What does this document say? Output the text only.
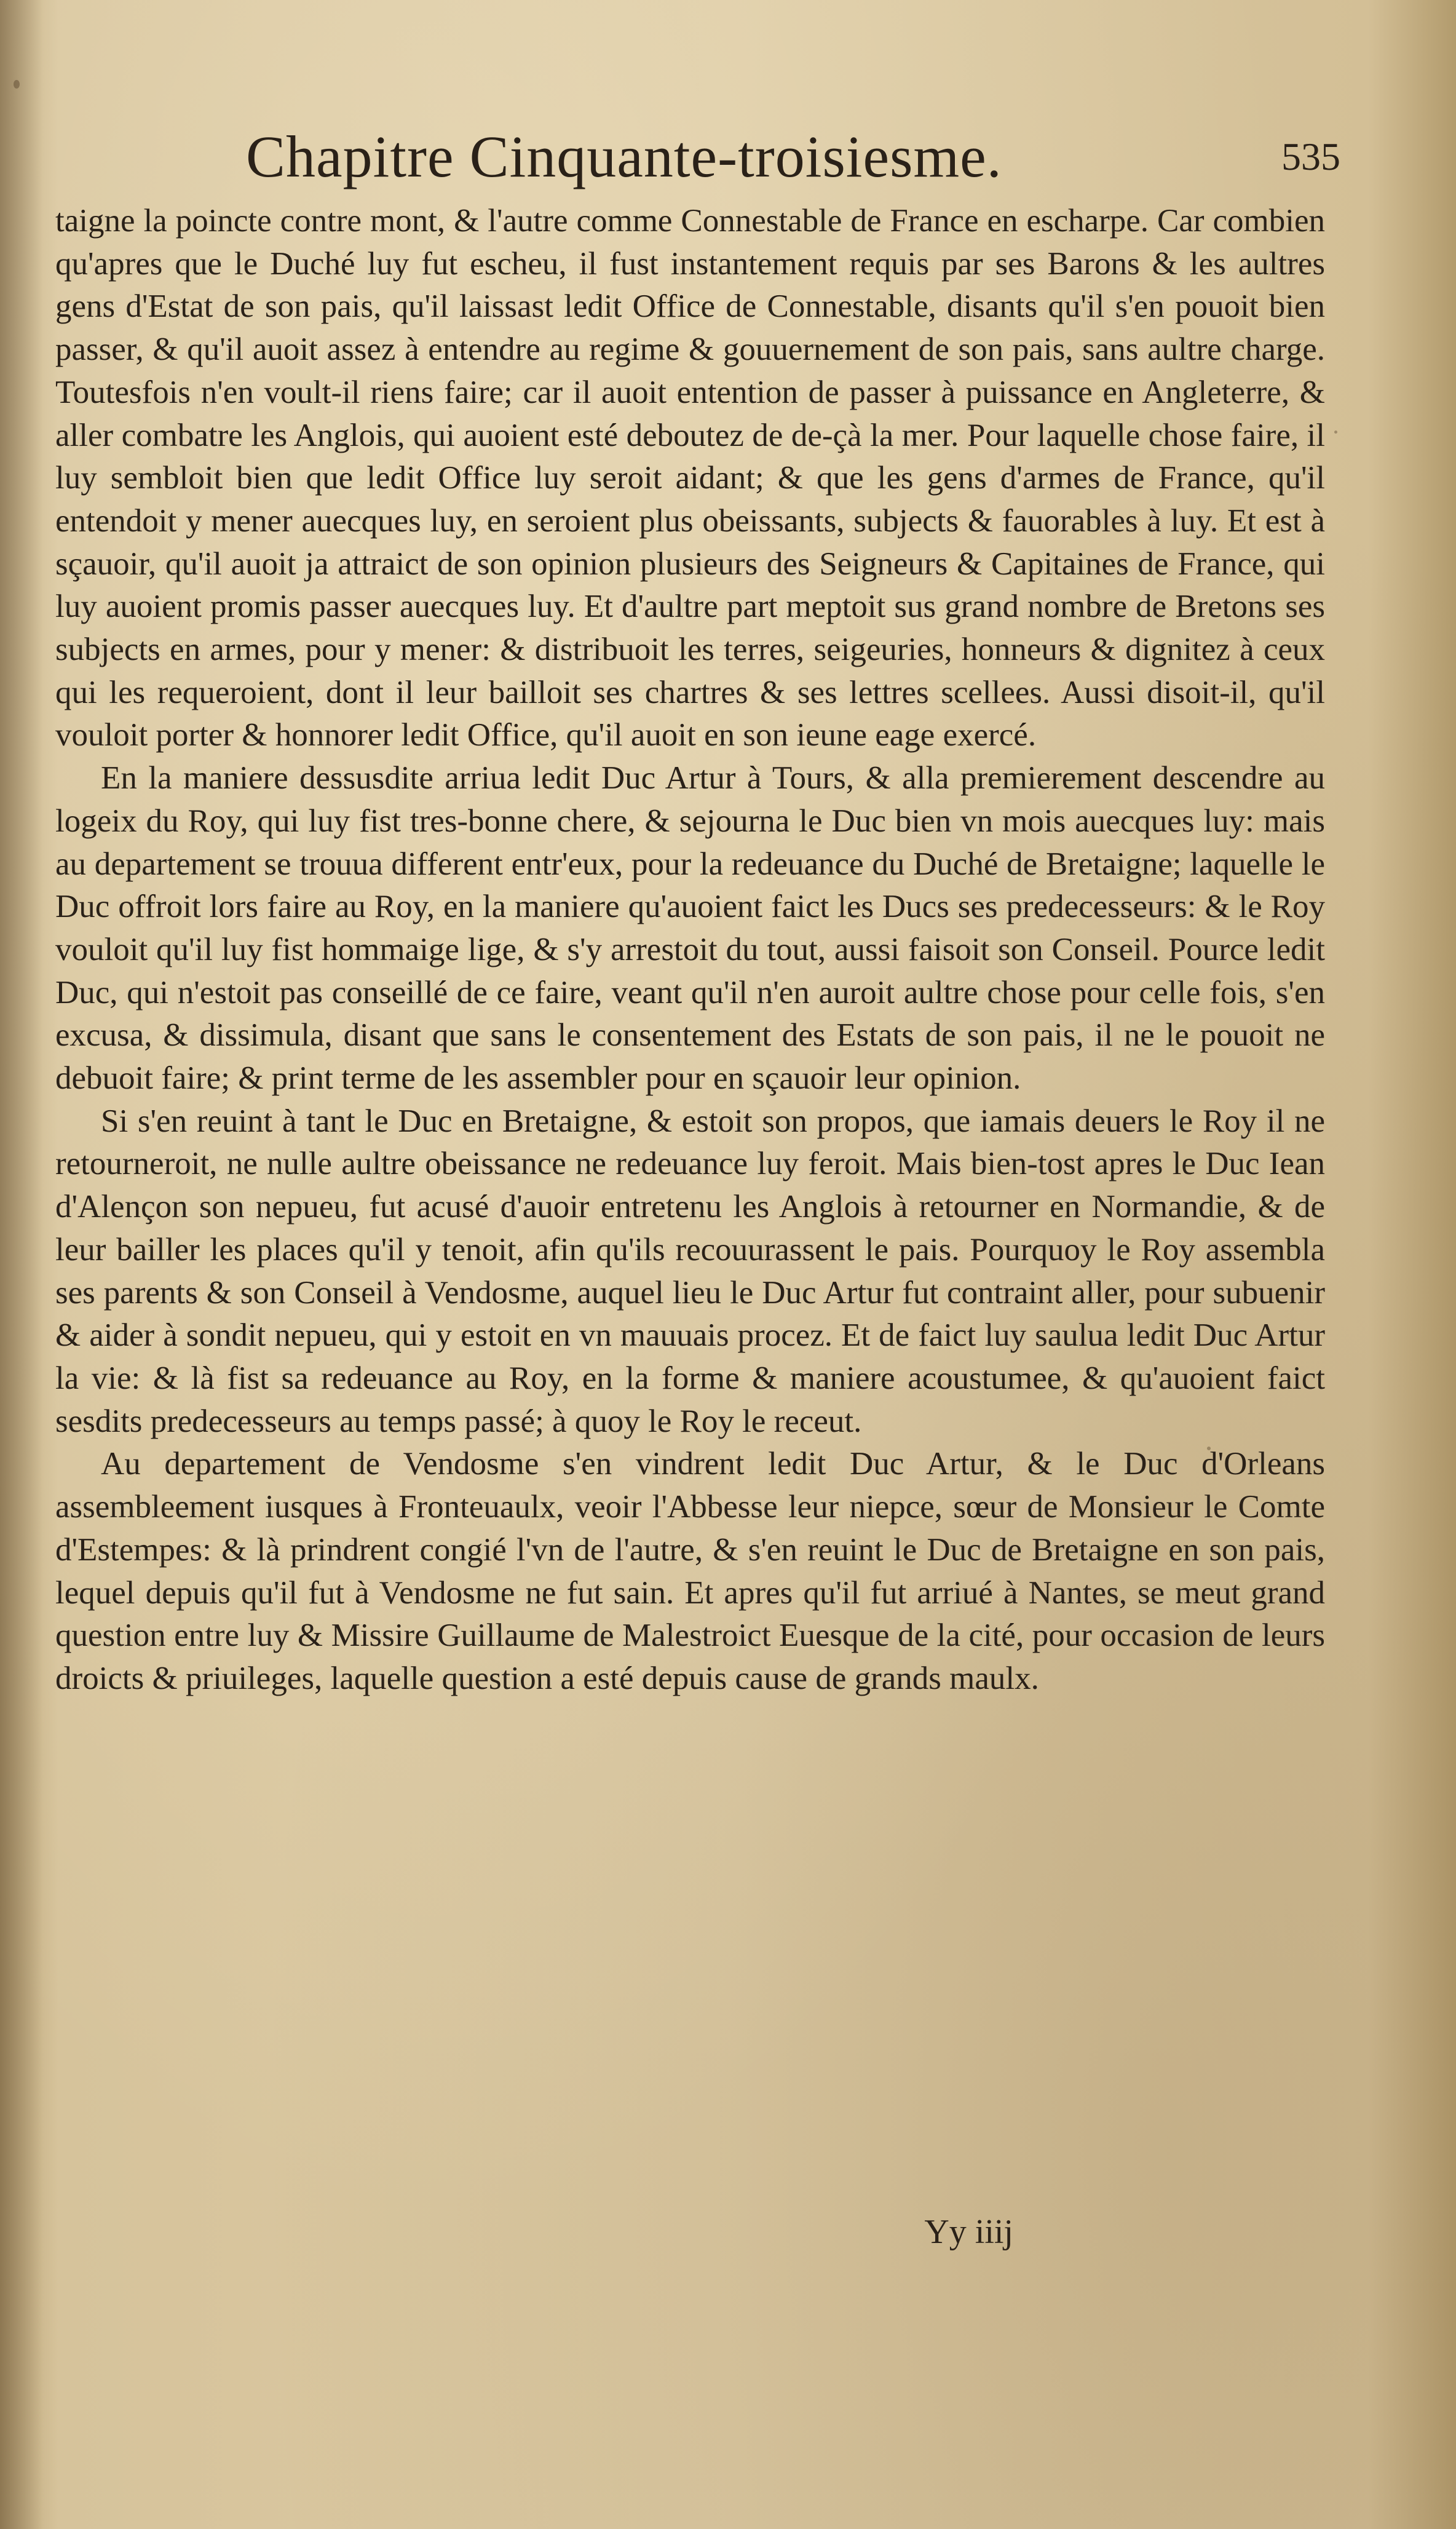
Chapitre Cinquante-troisiesme.	535

taigne la poincte contre mont, & l'autre comme Connestable de France en escharpe. Car combien qu'apres que le Duché luy fut escheu, il fust instantement requis par ses Barons & les aultres gens d'Estat de son pais, qu'il laissast ledit Office de Connestable, disants qu'il s'en pouoit bien passer, & qu'il auoit assez à entendre au regime & gouuernement de son pais, sans aultre charge. Toutesfois n'en voult-il riens faire; car il auoit entention de passer à puissance en Angleterre, & aller combatre les Anglois, qui auoient esté deboutez de de-çà la mer. Pour laquelle chose faire, il luy sembloit bien que ledit Office luy seroit aidant; & que les gens d'armes de France, qu'il entendoit y mener auecques luy, en seroient plus obeissants, subjects & fauorables à luy. Et est à sçauoir, qu'il auoit ja attraict de son opinion plusieurs des Seigneurs & Capitaines de France, qui luy auoient promis passer auecques luy. Et d'aultre part meptoit sus grand nombre de Bretons ses subjects en armes, pour y mener: & distribuoit les terres, seigeuries, honneurs & dignitez à ceux qui les requeroient, dont il leur bailloit ses chartres & ses lettres scellees. Aussi disoit-il, qu'il vouloit porter & honnorer ledit Office, qu'il auoit en son ieune eage exercé.

En la maniere dessusdite arriua ledit Duc Artur à Tours, & alla premierement descendre au logeix du Roy, qui luy fist tres-bonne chere, & sejourna le Duc bien vn mois auecques luy: mais au departement se trouua different entr'eux, pour la redeuance du Duché de Bretaigne; laquelle le Duc offroit lors faire au Roy, en la maniere qu'auoient faict les Ducs ses predecesseurs: & le Roy vouloit qu'il luy fist hommaige lige, & s'y arrestoit du tout, aussi faisoit son Conseil. Pource ledit Duc, qui n'estoit pas conseillé de ce faire, veant qu'il n'en auroit aultre chose pour celle fois, s'en excusa, & dissimula, disant que sans le consentement des Estats de son pais, il ne le pouoit ne debuoit faire; & print terme de les assembler pour en sçauoir leur opinion.

Si s'en reuint à tant le Duc en Bretaigne, & estoit son propos, que iamais deuers le Roy il ne retourneroit, ne nulle aultre obeissance ne redeuance luy feroit. Mais bien-tost apres le Duc Iean d'Alençon son nepueu, fut acusé d'auoir entretenu les Anglois à retourner en Normandie, & de leur bailler les places qu'il y tenoit, afin qu'ils recouurassent le pais. Pourquoy le Roy assembla ses parents & son Conseil à Vendosme, auquel lieu le Duc Artur fut contraint aller, pour subuenir & aider à sondit nepueu, qui y estoit en vn mauuais procez. Et de faict luy saulua ledit Duc Artur la vie: & là fist sa redeuance au Roy, en la forme & maniere acoustumee, & qu'auoient faict sesdits predecesseurs au temps passé; à quoy le Roy le receut.

Au departement de Vendosme s'en vindrent ledit Duc Artur, & le Duc d'Orleans assembleement iusques à Fronteuaulx, veoir l'Abbesse leur niepce, sœur de Monsieur le Comte d'Estempes: & là prindrent congié l'vn de l'autre, & s'en reuint le Duc de Bretaigne en son pais, lequel depuis qu'il fut à Vendosme ne fut sain. Et apres qu'il fut arriué à Nantes, se meut grand question entre luy & Missire Guillaume de Malestroict Euesque de la cité, pour occasion de leurs droicts & priuileges, laquelle question a esté depuis cause de grands maulx.

Yy iiij
